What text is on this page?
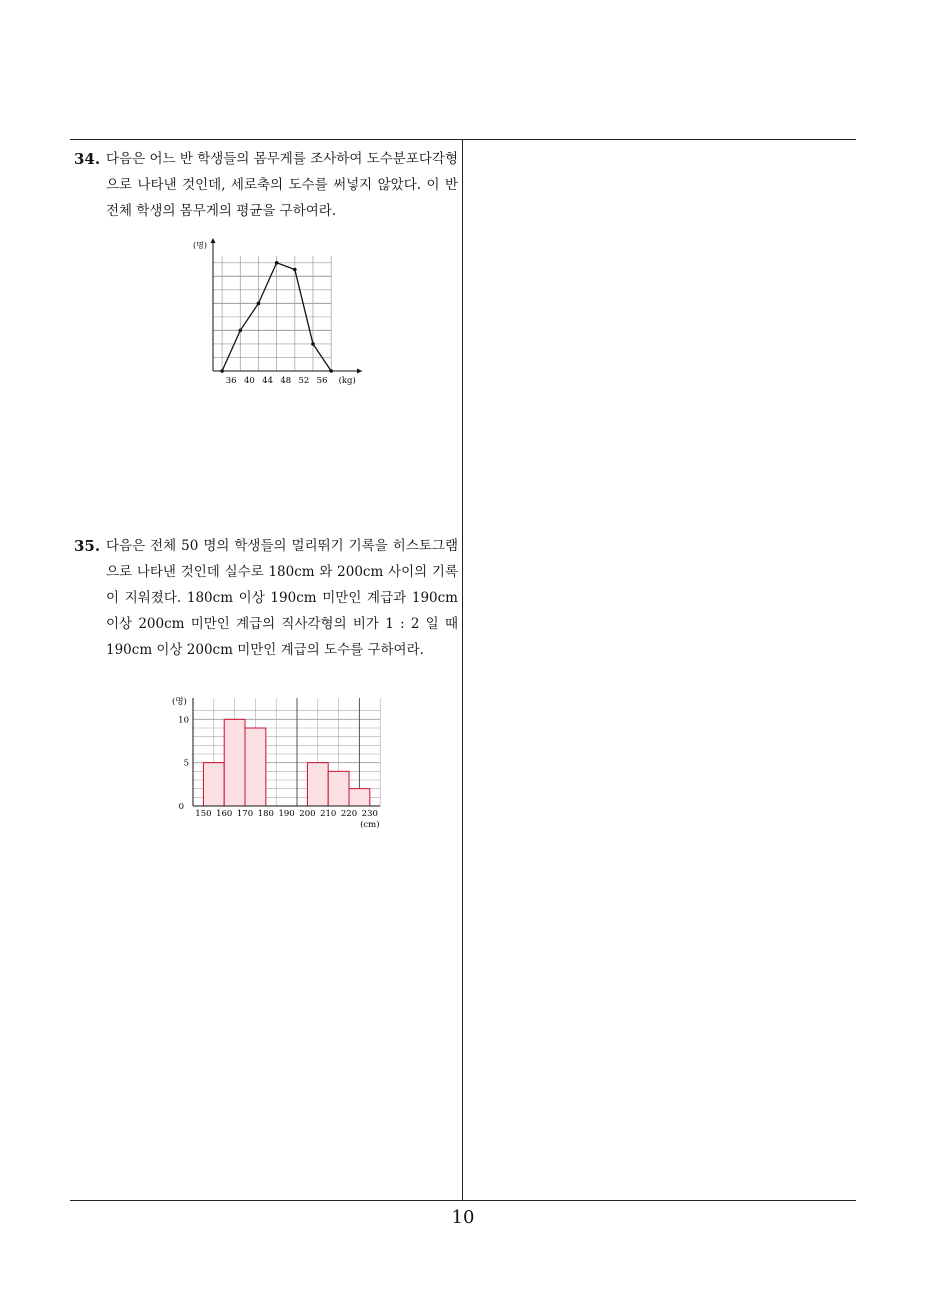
34. 다음은 어느 반 학생들의 몸무게를 조사하여 도수분포다각형으로 나타낸 것인데, 세로축의 도수를 써넣지 않았다. 이 반 전체 학생의 몸무게의 평균을 구하여라.
(명)
36 40 44 48 52 56 (kg)
35. 다음은 전체 50 명의 학생들의 멀리뛰기 기록을 히스토그램으로 나타낸 것인데 실수로 180cm 와 200cm 사이의 기록이 지워졌다. 180cm 이상 190cm 미만인 계급과 190cm 이상 200cm 미만인 계급의 직사각형의 비가 1 : 2 일 때 190cm 이상 200cm 미만인 계급의 도수를 구하여라.
(명)
0
5
10
150 160 170 180 190 200 210 220 230
(cm)
10
